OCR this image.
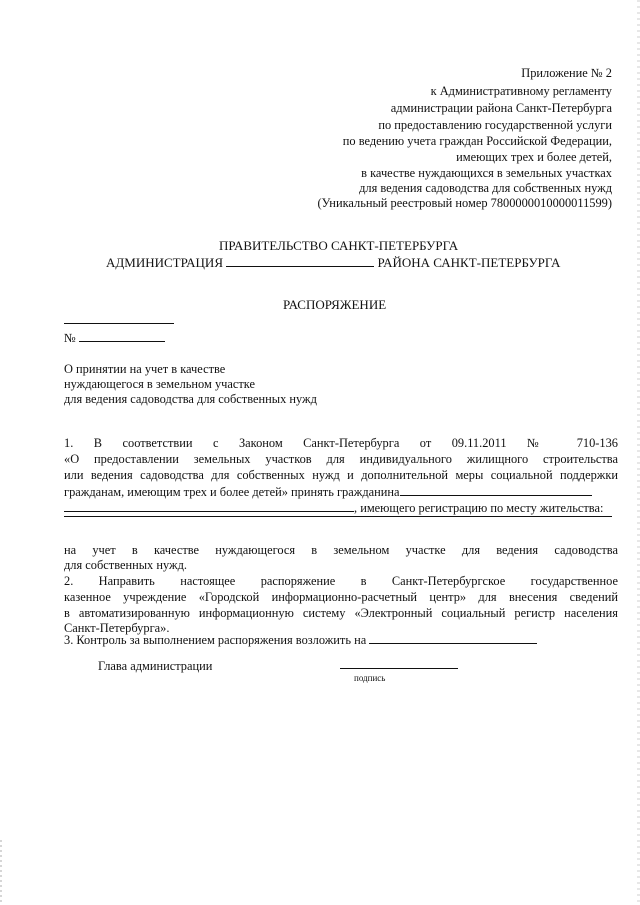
Приложение № 2
к Административному регламенту
администрации района Санкт-Петербурга
по предоставлению государственной услуги
по ведению учета граждан Российской Федерации,
имеющих трех и более детей,
в качестве нуждающихся в земельных участках
для ведения садоводства для собственных нужд
(Уникальный реестровый номер 7800000010000011599)
ПРАВИТЕЛЬСТВО САНКТ-ПЕТЕРБУРГА
АДМИНИСТРАЦИЯ	РАЙОНА САНКТ-ПЕТЕРБУРГА
РАСПОРЯЖЕНИЕ
№
О принятии на учет в качестве
нуждающегося в земельном участке
для ведения садоводства для собственных нужд
1. В соответствии с Законом Санкт-Петербурга от 09.11.2011 № 710-136
«О предоставлении земельных участков для индивидуального жилищного строительства
или ведения садоводства для собственных нужд и дополнительной меры социальной поддержки
гражданам, имеющим трех и более детей» принять гражданина
, имеющего регистрацию по месту жительства:
на учет в качестве нуждающегося в земельном участке для ведения садоводства
для собственных нужд.
2. Направить настоящее распоряжение в Санкт-Петербургское государственное
казенное учреждение «Городской информационно-расчетный центр» для внесения сведений
в автоматизированную информационную систему «Электронный социальный регистр населения
Санкт-Петербурга».
3. Контроль за выполнением распоряжения возложить на
Глава администрации
подпись
